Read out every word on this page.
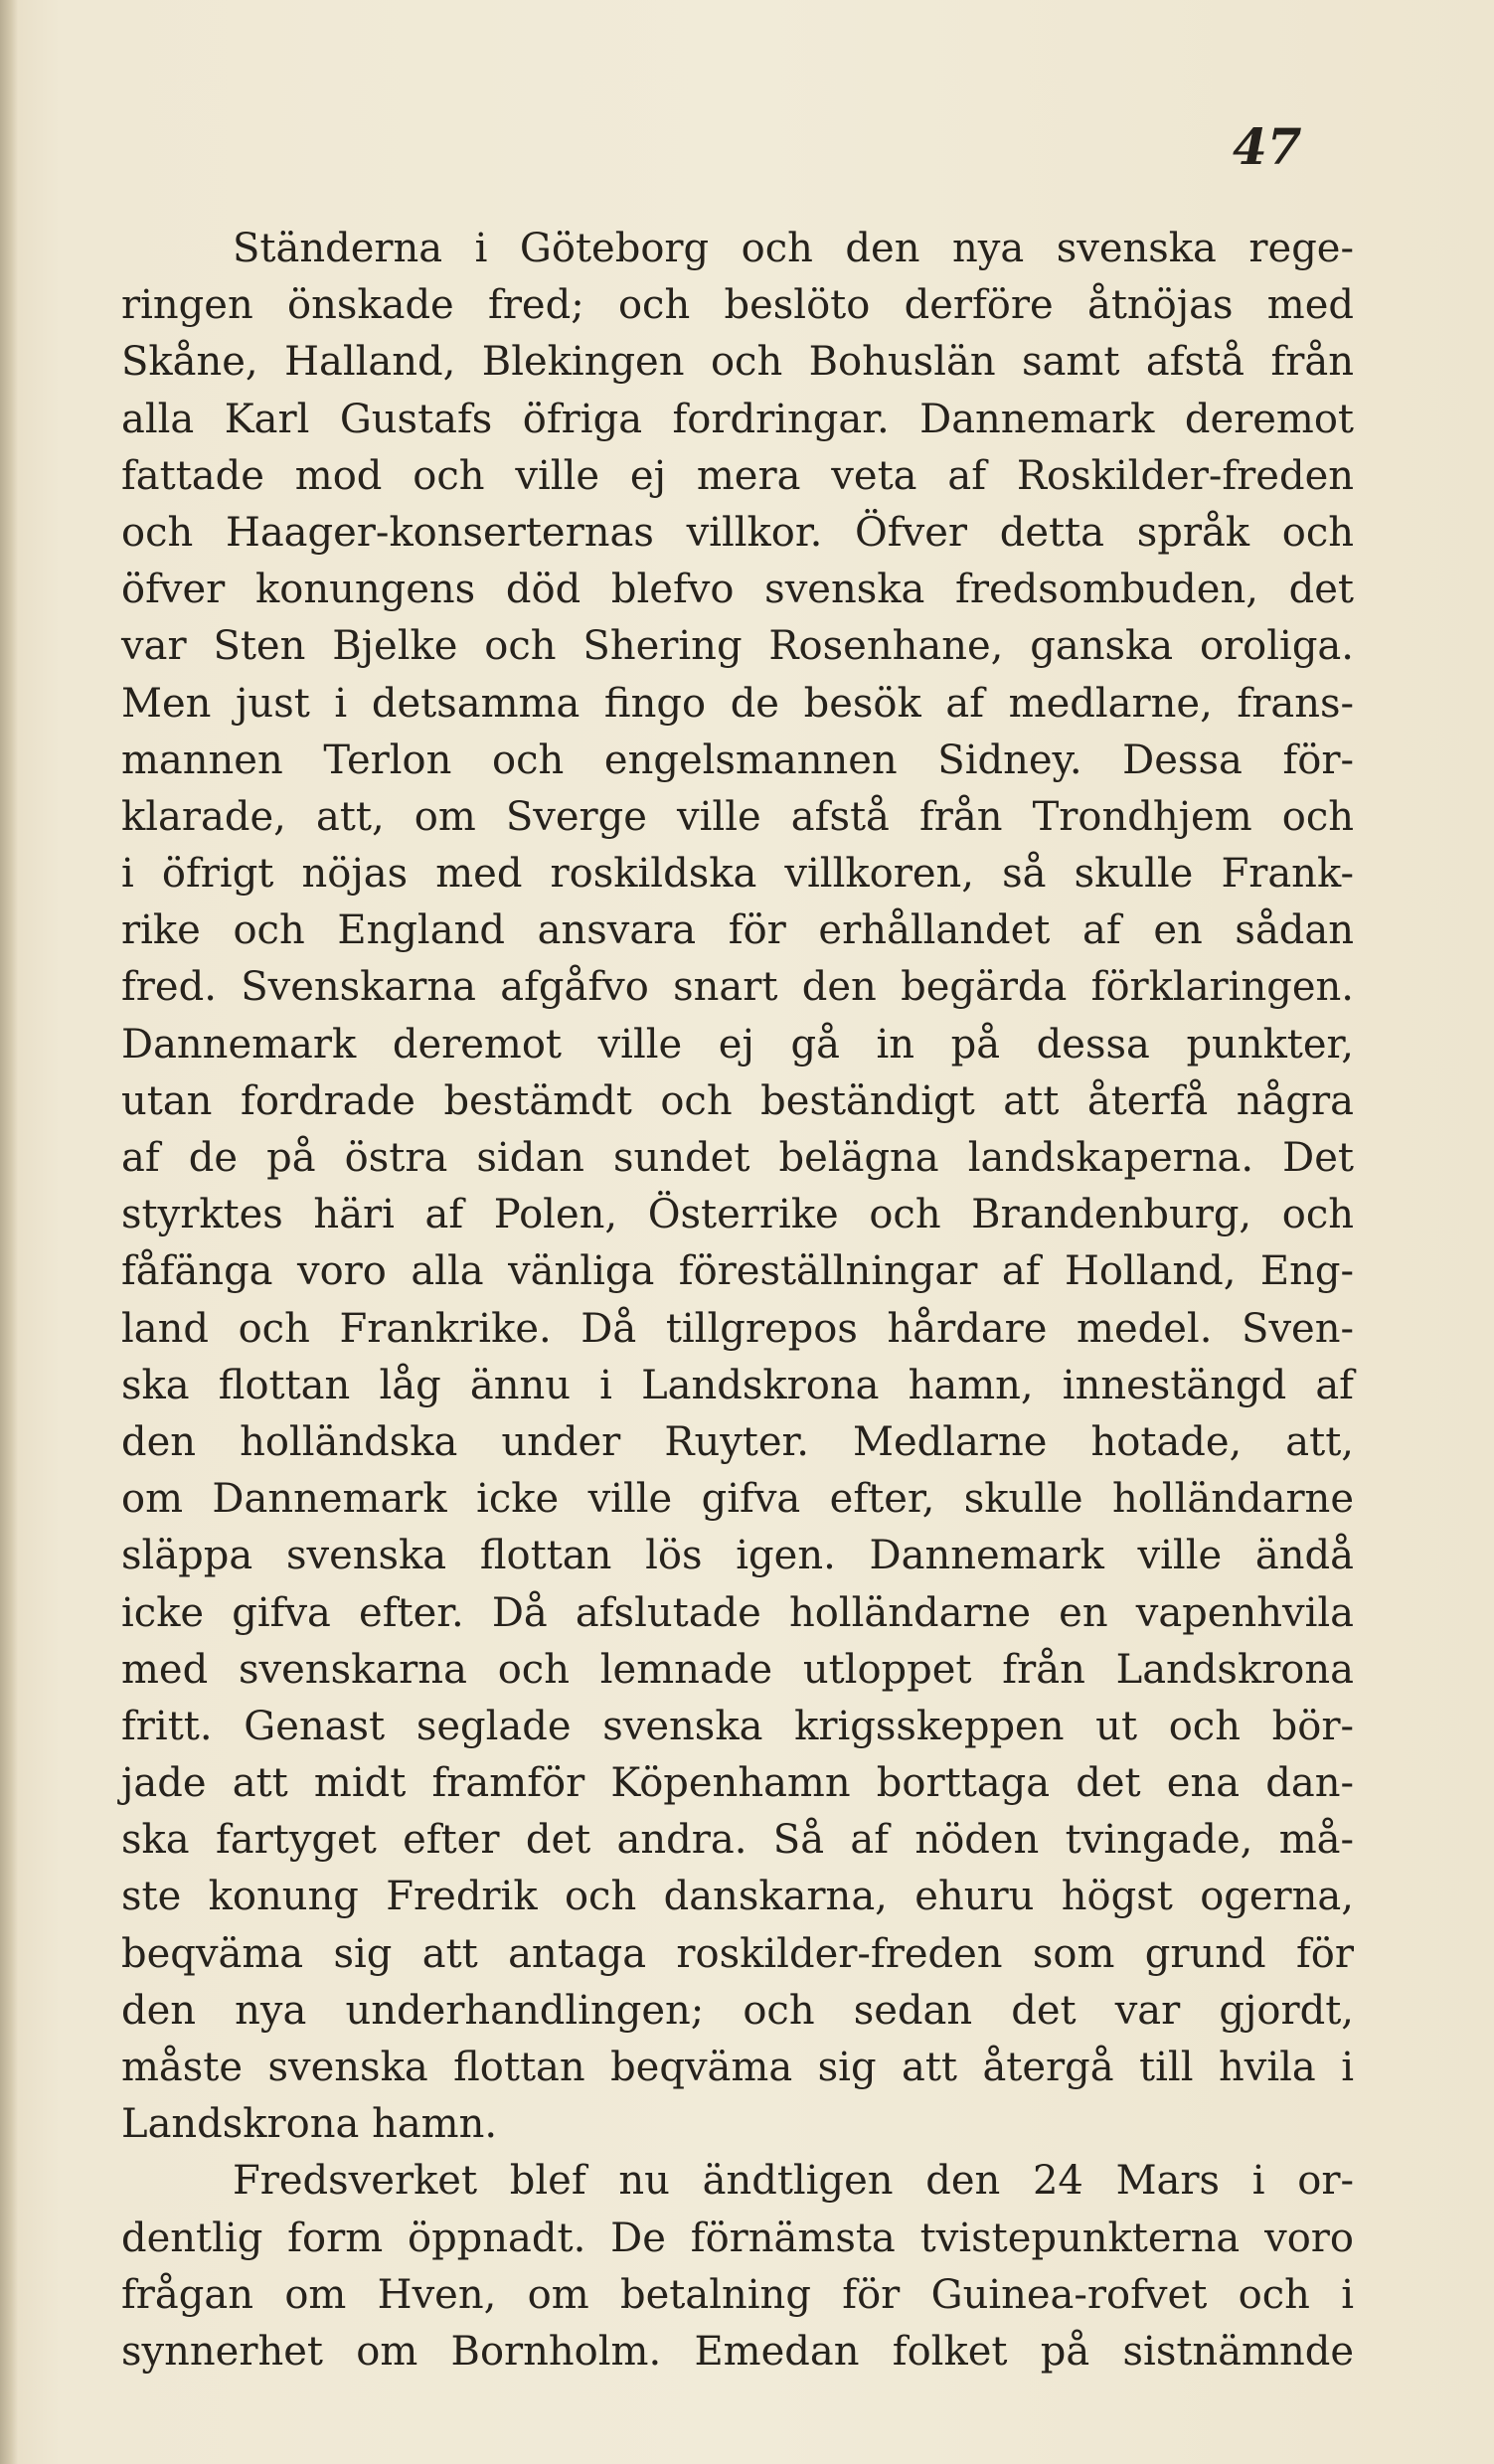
47
Ständerna i Göteborg och den nya svenska rege-
ringen önskade fred; och beslöto derföre åtnöjas med
Skåne, Halland, Blekingen och Bohuslän samt afstå från
alla Karl Gustafs öfriga fordringar. Dannemark deremot
fattade mod och ville ej mera veta af Roskilder-freden
och Haager-konserternas villkor. Öfver detta språk och
öfver konungens död blefvo svenska fredsombuden, det
var Sten Bjelke och Shering Rosenhane, ganska oroliga.
Men just i detsamma fingo de besök af medlarne, frans-
mannen Terlon och engelsmannen Sidney. Dessa för-
klarade, att, om Sverge ville afstå från Trondhjem och
i öfrigt nöjas med roskildska villkoren, så skulle Frank-
rike och England ansvara för erhållandet af en sådan
fred. Svenskarna afgåfvo snart den begärda förklaringen.
Dannemark deremot ville ej gå in på dessa punkter,
utan fordrade bestämdt och beständigt att återfå några
af de på östra sidan sundet belägna landskaperna. Det
styrktes häri af Polen, Österrike och Brandenburg, och
fåfänga voro alla vänliga föreställningar af Holland, Eng-
land och Frankrike. Då tillgrepos hårdare medel. Sven-
ska flottan låg ännu i Landskrona hamn, innestängd af
den holländska under Ruyter. Medlarne hotade, att,
om Dannemark icke ville gifva efter, skulle holländarne
släppa svenska flottan lös igen. Dannemark ville ändå
icke gifva efter. Då afslutade holländarne en vapenhvila
med svenskarna och lemnade utloppet från Landskrona
fritt. Genast seglade svenska krigsskeppen ut och bör-
jade att midt framför Köpenhamn borttaga det ena dan-
ska fartyget efter det andra. Så af nöden tvingade, må-
ste konung Fredrik och danskarna, ehuru högst ogerna,
beqväma sig att antaga roskilder-freden som grund för
den nya underhandlingen; och sedan det var gjordt,
måste svenska flottan beqväma sig att återgå till hvila i
Landskrona hamn.
Fredsverket blef nu ändtligen den 24 Mars i or-
dentlig form öppnadt. De förnämsta tvistepunkterna voro
frågan om Hven, om betalning för Guinea-rofvet och i
synnerhet om Bornholm. Emedan folket på sistnämnde
